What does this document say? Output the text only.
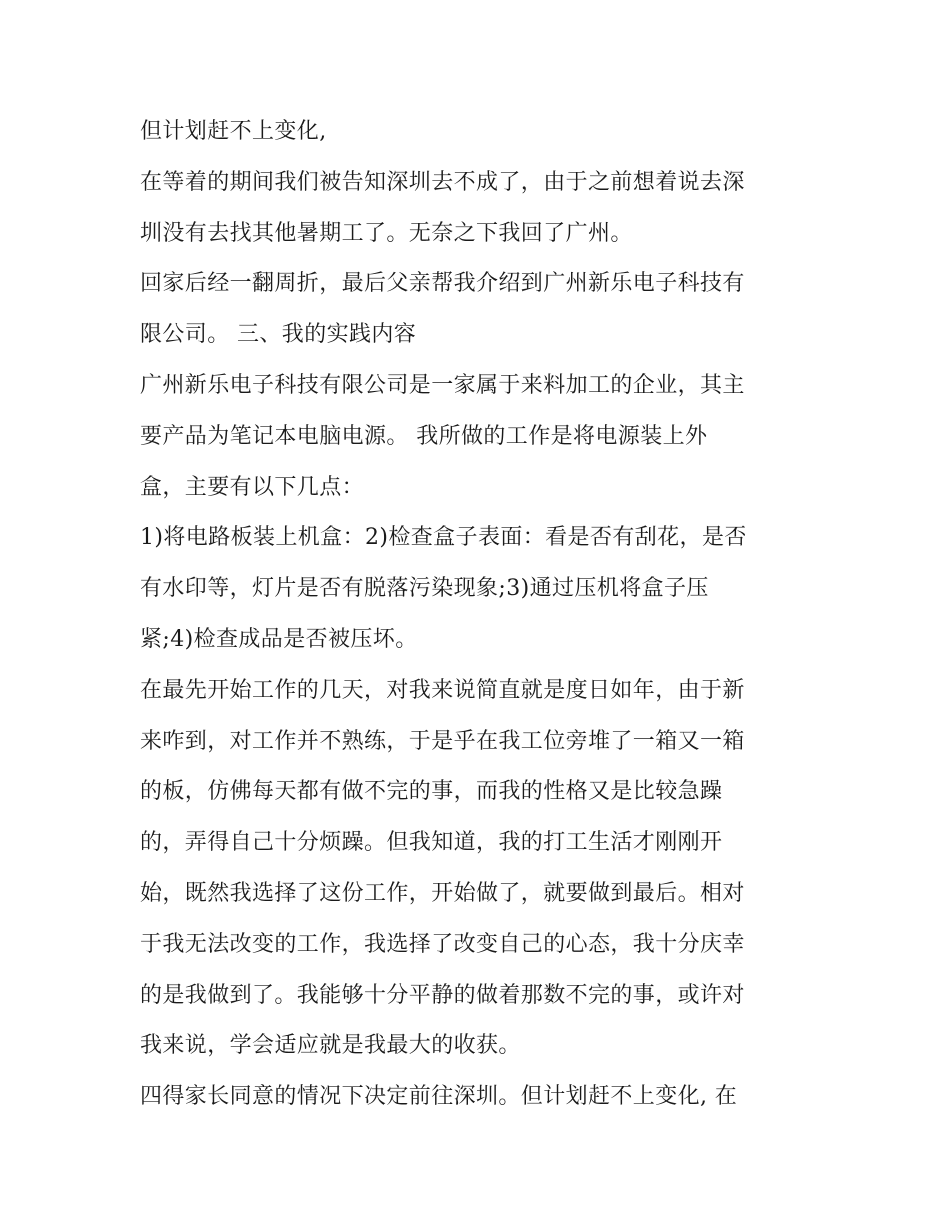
但计划赶不上变化,
在等着的期间我们被告知深圳去不成了，由于之前想着说去深
圳没有去找其他暑期工了。无奈之下我回了广州。
回家后经一翻周折，最后父亲帮我介绍到广州新乐电子科技有
限公司。 三、我的实践内容
广州新乐电子科技有限公司是一家属于来料加工的企业，其主
要产品为笔记本电脑电源。 我所做的工作是将电源装上外
盒，主要有以下几点：
1)将电路板装上机盒：2)检查盒子表面：看是否有刮花，是否
有水印等，灯片是否有脱落污染现象;3)通过压机将盒子压
紧;4)检查成品是否被压坏。
在最先开始工作的几天，对我来说简直就是度日如年，由于新
来咋到，对工作并不熟练，于是乎在我工位旁堆了一箱又一箱
的板，仿佛每天都有做不完的事，而我的性格又是比较急躁
的，弄得自己十分烦躁。但我知道，我的打工生活才刚刚开
始，既然我选择了这份工作，开始做了，就要做到最后。相对
于我无法改变的工作，我选择了改变自己的心态，我十分庆幸
的是我做到了。我能够十分平静的做着那数不完的事，或许对
我来说，学会适应就是我最大的收获。
四得家长同意的情况下决定前往深圳。但计划赶不上变化, 在
